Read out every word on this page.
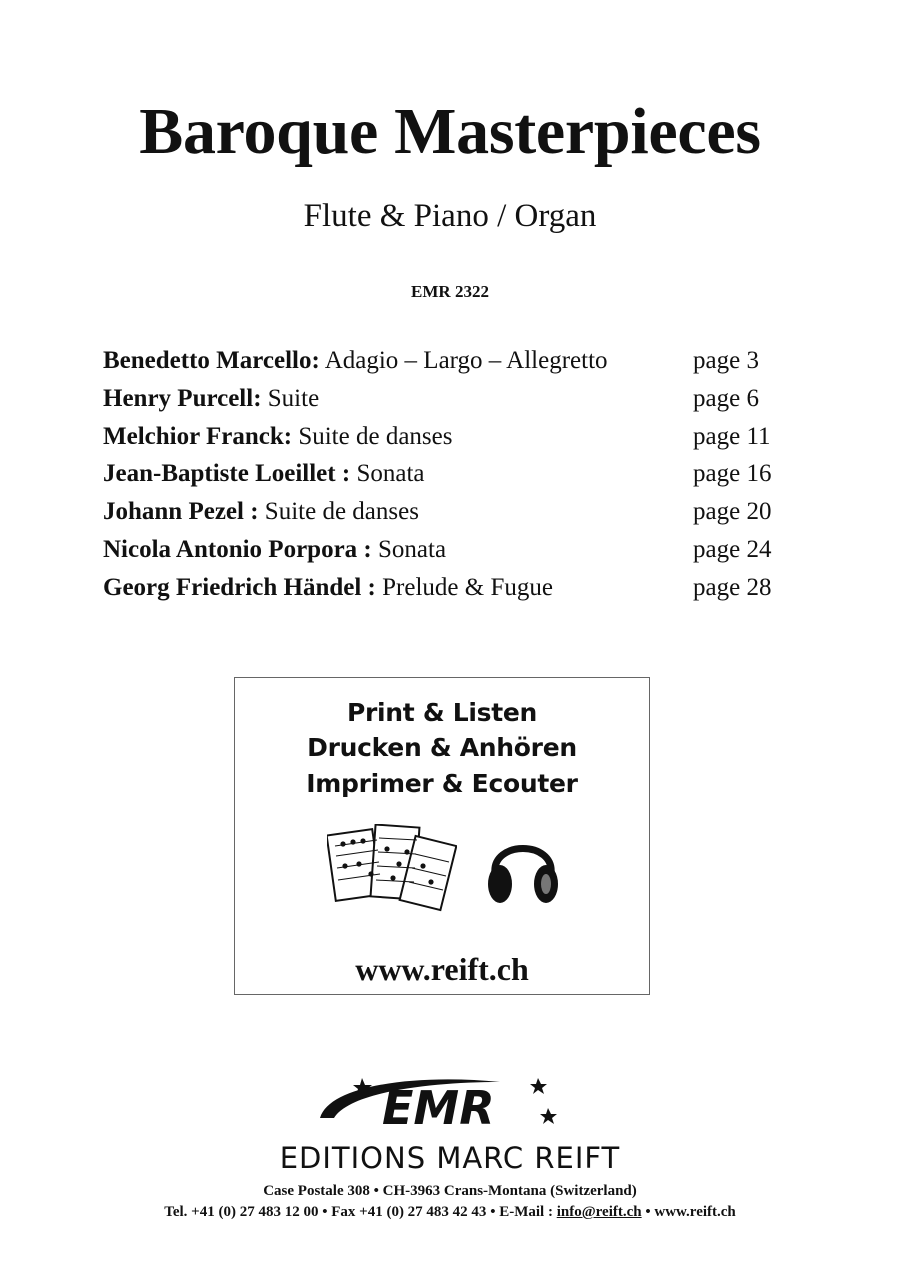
Baroque Masterpieces
Flute & Piano / Organ
EMR 2322
Benedetto Marcello: Adagio – Largo – Allegretto	page 3
Henry Purcell: Suite	page 6
Melchior Franck: Suite de danses	page 11
Jean-Baptiste Loeillet : Sonata	page 16
Johann Pezel : Suite de danses	page 20
Nicola Antonio Porpora : Sonata	page 24
Georg Friedrich Händel : Prelude & Fugue	page 28
Print & Listen
Drucken & Anhören
Imprimer & Ecouter
www.reift.ch
EMR
EDITIONS MARC REIFT
Case Postale 308 • CH-3963 Crans-Montana (Switzerland)
Tel. +41 (0) 27 483 12 00 • Fax +41 (0) 27 483 42 43 • E-Mail : info@reift.ch • www.reift.ch
